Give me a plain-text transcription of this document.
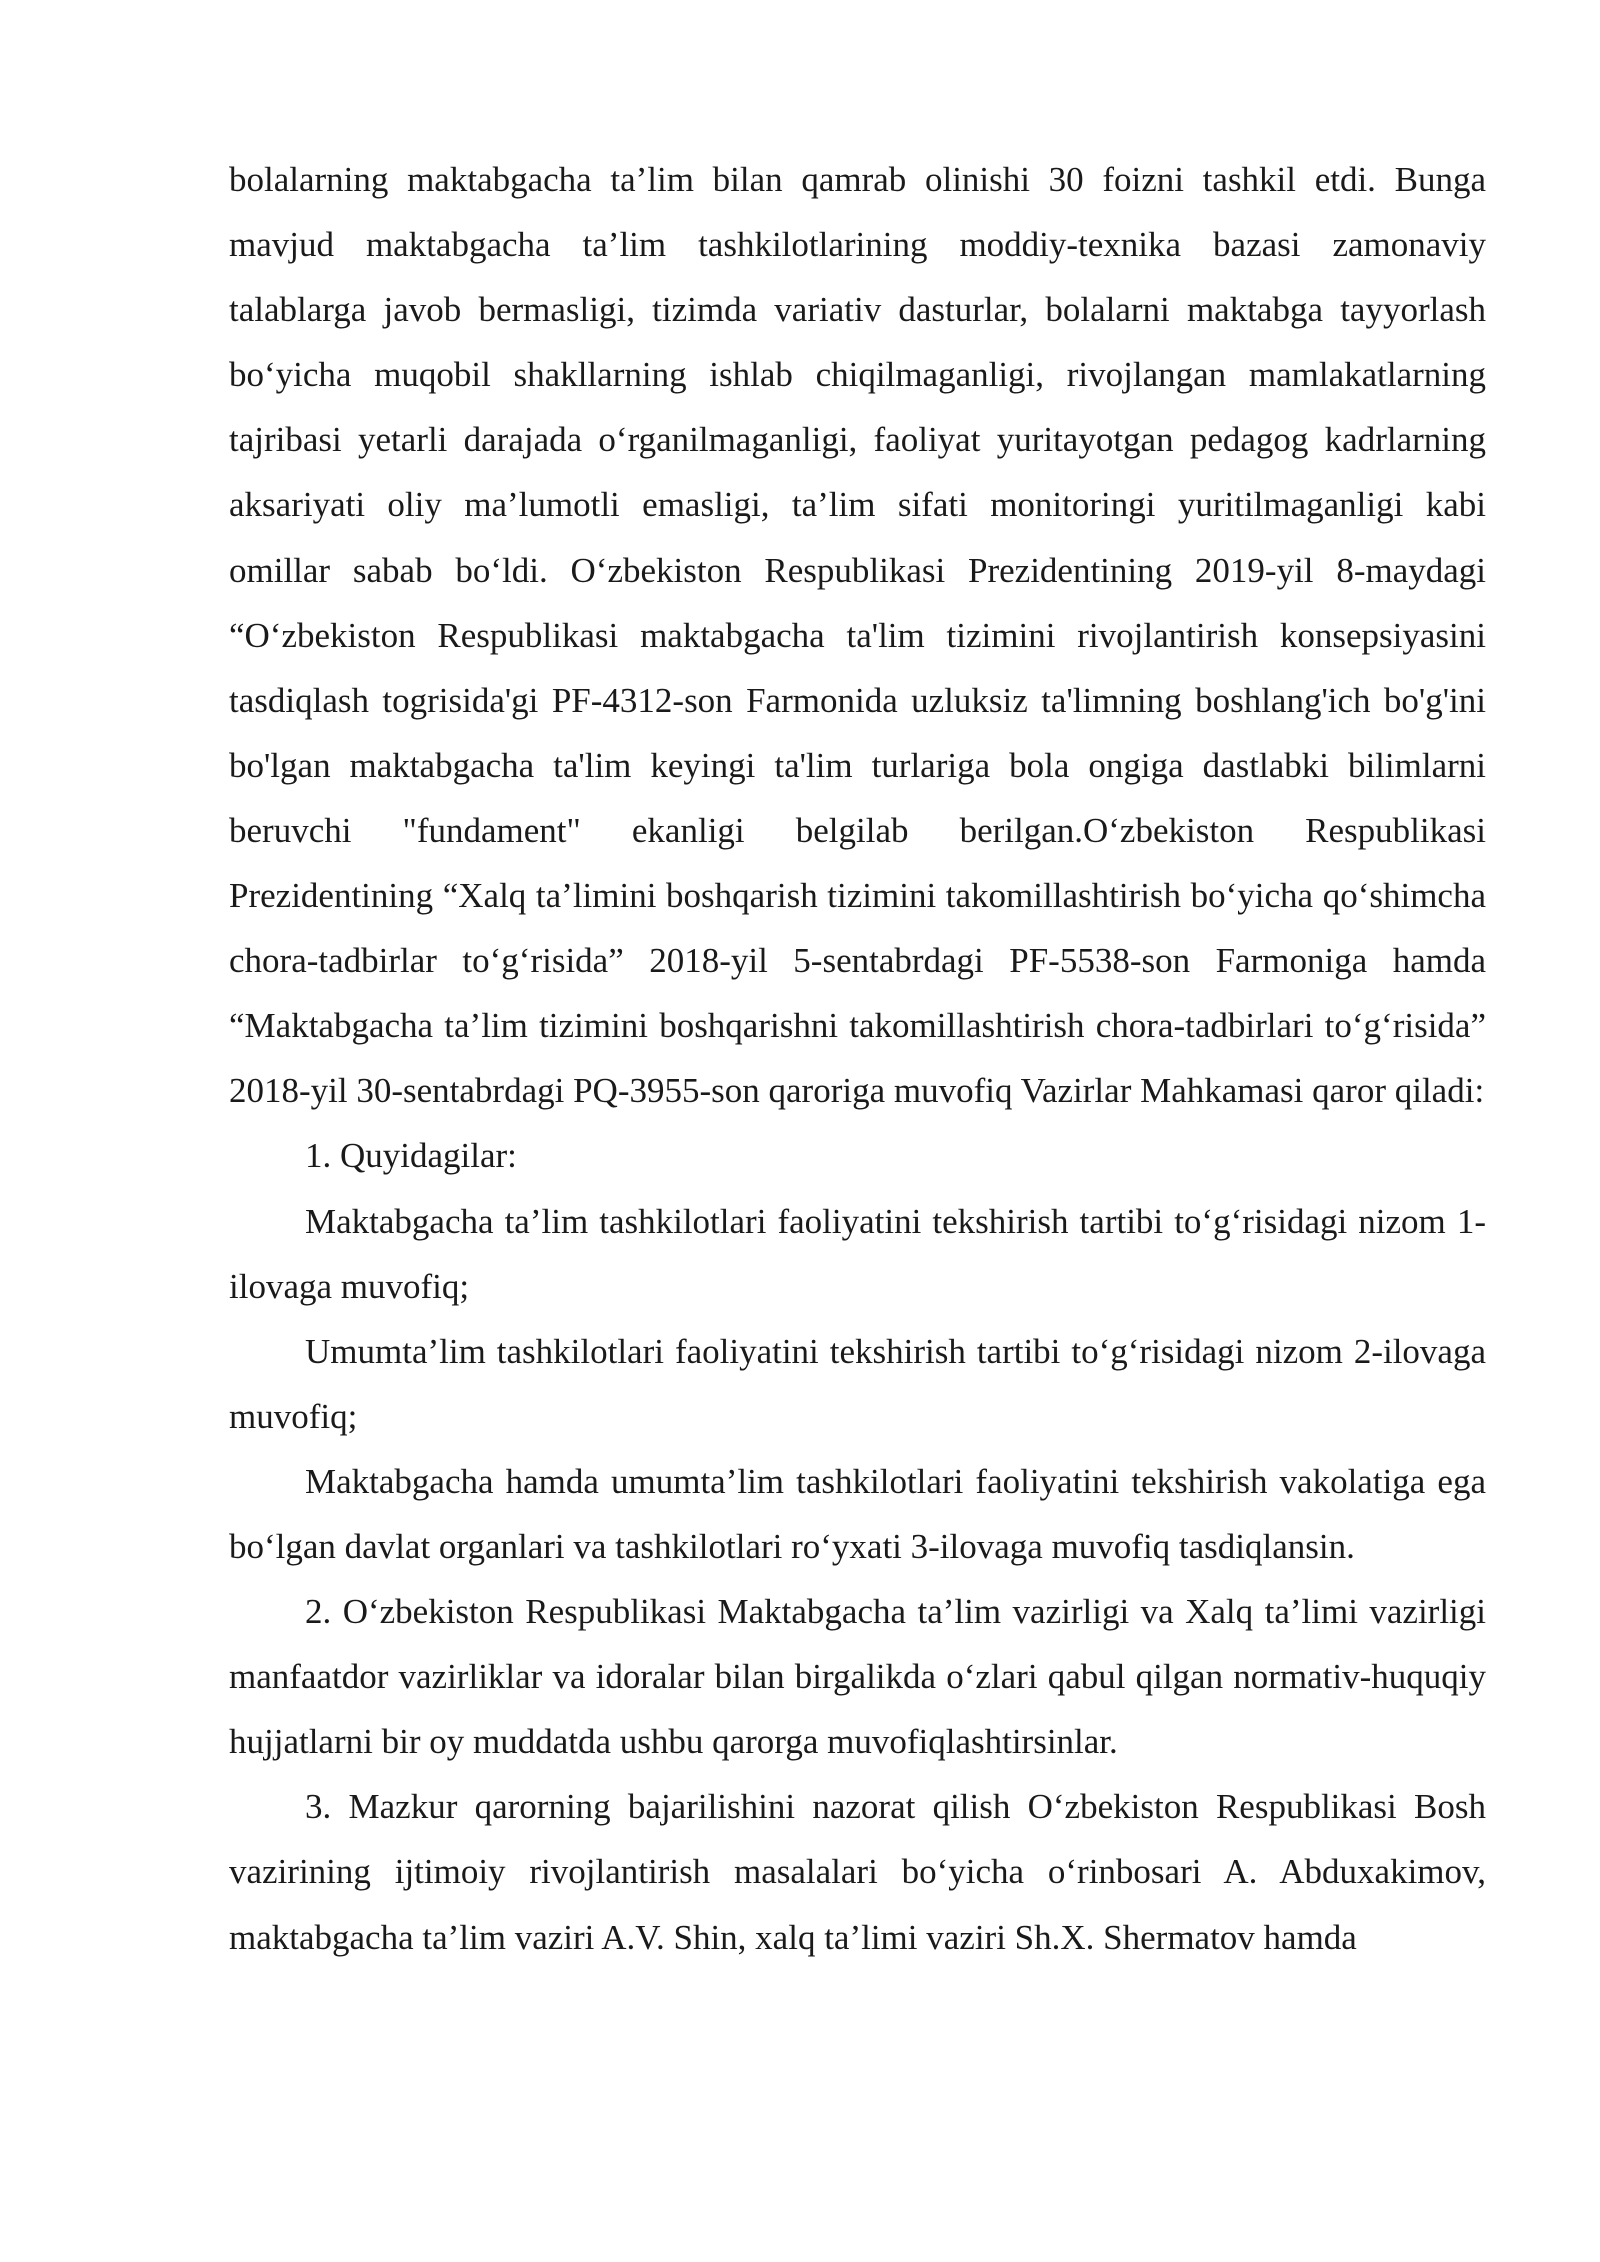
bolalarning maktabgacha ta’lim bilan qamrab olinishi 30 foizni tashkil etdi. Bunga mavjud maktabgacha ta’lim tashkilotlarining moddiy-texnika bazasi zamonaviy talablarga javob bermasligi, tizimda variativ dasturlar, bolalarni maktabga tayyorlash bo‘yicha muqobil shakllarning ishlab chiqilmaganligi, rivojlangan mamlakatlarning tajribasi yetarli darajada o‘rganilmaganligi, faoliyat yuritayotgan pedagog kadrlarning aksariyati oliy ma’lumotli emasligi, ta’lim sifati monitoringi yuritilmaganligi kabi omillar sabab bo‘ldi. O‘zbekiston Respublikasi Prezidentining 2019-yil 8-maydagi “O‘zbekiston Respublikasi maktabgacha ta'lim tizimini rivojlantirish konsepsiyasini tasdiqlash togrisida'gi PF-4312-son Farmonida uzluksiz ta'limning boshlang'ich bo'g'ini bo'lgan maktabgacha ta'lim keyingi ta'lim turlariga bola ongiga dastlabki bilimlarni beruvchi "fundament" ekanligi belgilab berilgan.O‘zbekiston Respublikasi Prezidentining “Xalq ta’limini boshqarish tizimini takomillashtirish bo‘yicha qo‘shimcha chora-tadbirlar to‘g‘risida” 2018-yil 5-sentabrdagi PF-5538-son Farmoniga hamda “Maktabgacha ta’lim tizimini boshqarishni takomillashtirish chora-tadbirlari to‘g‘risida” 2018-yil 30-sentabrdagi PQ-3955-son qaroriga muvofiq Vazirlar Mahkamasi qaror qiladi:

1. Quyidagilar:

Maktabgacha ta’lim tashkilotlari faoliyatini tekshirish tartibi to‘g‘risidagi nizom 1-ilovaga muvofiq;

Umumta’lim tashkilotlari faoliyatini tekshirish tartibi to‘g‘risidagi nizom 2-ilovaga muvofiq;

Maktabgacha hamda umumta’lim tashkilotlari faoliyatini tekshirish vakolatiga ega bo‘lgan davlat organlari va tashkilotlari ro‘yxati 3-ilovaga muvofiq tasdiqlansin.

2. O‘zbekiston Respublikasi Maktabgacha ta’lim vazirligi va Xalq ta’limi vazirligi manfaatdor vazirliklar va idoralar bilan birgalikda o‘zlari qabul qilgan normativ-huquqiy hujjatlarni bir oy muddatda ushbu qarorga muvofiqlashtirsinlar.

3. Mazkur qarorning bajarilishini nazorat qilish O‘zbekiston Respublikasi Bosh vazirining ijtimoiy rivojlantirish masalalari bo‘yicha o‘rinbosari A. Abduxakimov, maktabgacha ta’lim vaziri A.V. Shin, xalq ta’limi vaziri Sh.X. Shermatov hamda
